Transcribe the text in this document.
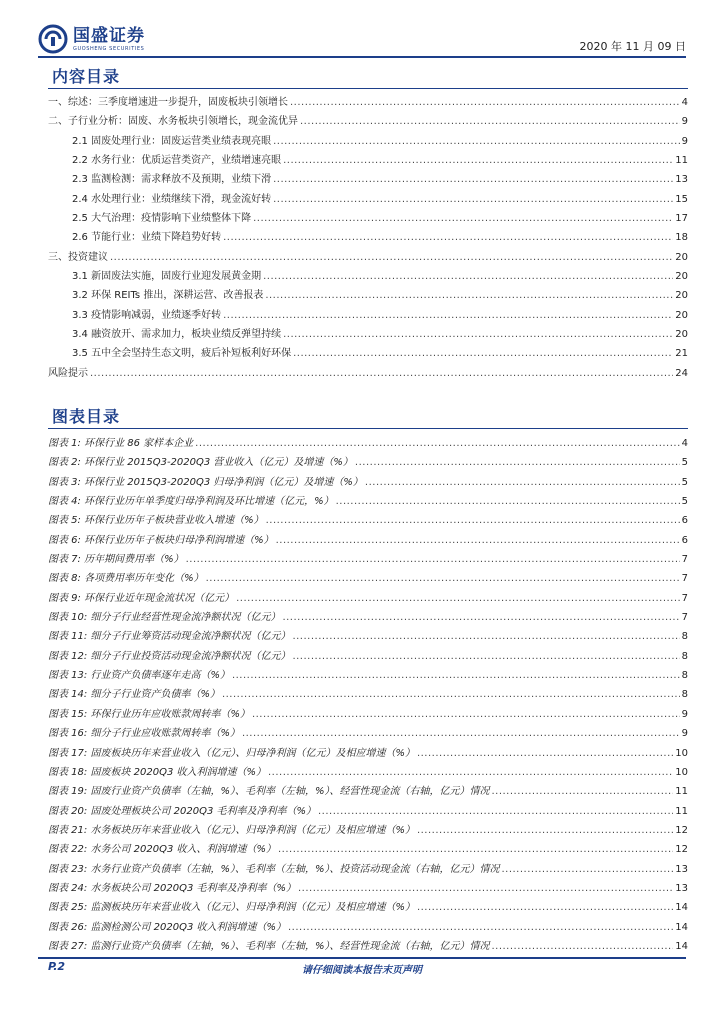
国盛证券
GUOSHENG SECURITIES	2020 年 11 月 09 日
内容目录
一、综述：三季度增速进一步提升，固废板块引领增长 .....	4
二、子行业分析：固废、水务板块引领增长，现金流优异 .....	9
2.1 固废处理行业：固废运营类业绩表现亮眼 .....	9
2.2 水务行业：优质运营类资产，业绩增速亮眼 .....	11
2.3 监测检测：需求释放不及预期，业绩下滑 .....	13
2.4 水处理行业：业绩继续下滑，现金流好转 .....	15
2.5 大气治理：疫情影响下业绩整体下降 .....	17
2.6 节能行业：业绩下降趋势好转 .....	18
三、投资建议 .....	20
3.1 新固废法实施，固废行业迎发展黄金期 .....	20
3.2 环保 REITs 推出，深耕运营、改善报表 .....	20
3.3 疫情影响减弱，业绩逐季好转 .....	20
3.4 融资放开、需求加力，板块业绩反弹望持续 .....	20
3.5 五中全会坚持生态文明，疲后补短板利好环保 .....	21
风险提示 .....	24
图表目录
图表 1: 环保行业 86 家样本企业 .....	4
图表 2: 环保行业 2015Q3-2020Q3 营业收入（亿元）及增速（%） .....	5
图表 3: 环保行业 2015Q3-2020Q3 归母净利润（亿元）及增速（%） .....	5
图表 4: 环保行业历年单季度归母净利润及环比增速（亿元，%） .....	5
图表 5: 环保行业历年子板块营业收入增速（%） .....	6
图表 6: 环保行业历年子板块归母净利润增速（%） .....	6
图表 7: 历年期间费用率（%） .....	7
图表 8: 各项费用率历年变化（%） .....	7
图表 9: 环保行业近年现金流状况（亿元） .....	7
图表 10: 细分子行业经营性现金流净额状况（亿元） .....	7
图表 11: 细分子行业筹资活动现金流净额状况（亿元） .....	8
图表 12: 细分子行业投资活动现金流净额状况（亿元） .....	8
图表 13: 行业资产负债率逐年走高（%） .....	8
图表 14: 细分子行业资产负债率（%） .....	8
图表 15: 环保行业历年应收账款周转率（%） .....	9
图表 16: 细分子行业应收账款周转率（%） .....	9
图表 17: 固废板块历年来营业收入（亿元）、归母净利润（亿元）及相应增速（%） .....	10
图表 18: 固废板块 2020Q3 收入利润增速（%） .....	10
图表 19: 固废行业资产负债率（左轴，%）、毛利率（左轴，%）、经营性现金流（右轴，亿元）情况 .....	11
图表 20: 固废处理板块公司 2020Q3 毛利率及净利率（%） .....	11
图表 21: 水务板块历年来营业收入（亿元）、归母净利润（亿元）及相应增速（%） .....	12
图表 22: 水务公司 2020Q3 收入、利润增速（%） .....	12
图表 23: 水务行业资产负债率（左轴，%）、毛利率（左轴，%）、投资活动现金流（右轴，亿元）情况 .....	13
图表 24: 水务板块公司 2020Q3 毛利率及净利率（%） .....	13
图表 25: 监测板块历年来营业收入（亿元）、归母净利润（亿元）及相应增速（%） .....	14
图表 26: 监测检测公司 2020Q3 收入利润增速（%） .....	14
图表 27: 监测行业资产负债率（左轴，%）、毛利率（左轴，%）、经营性现金流（右轴，亿元）情况 .....	14
P.2	请仔细阅读本报告末页声明
